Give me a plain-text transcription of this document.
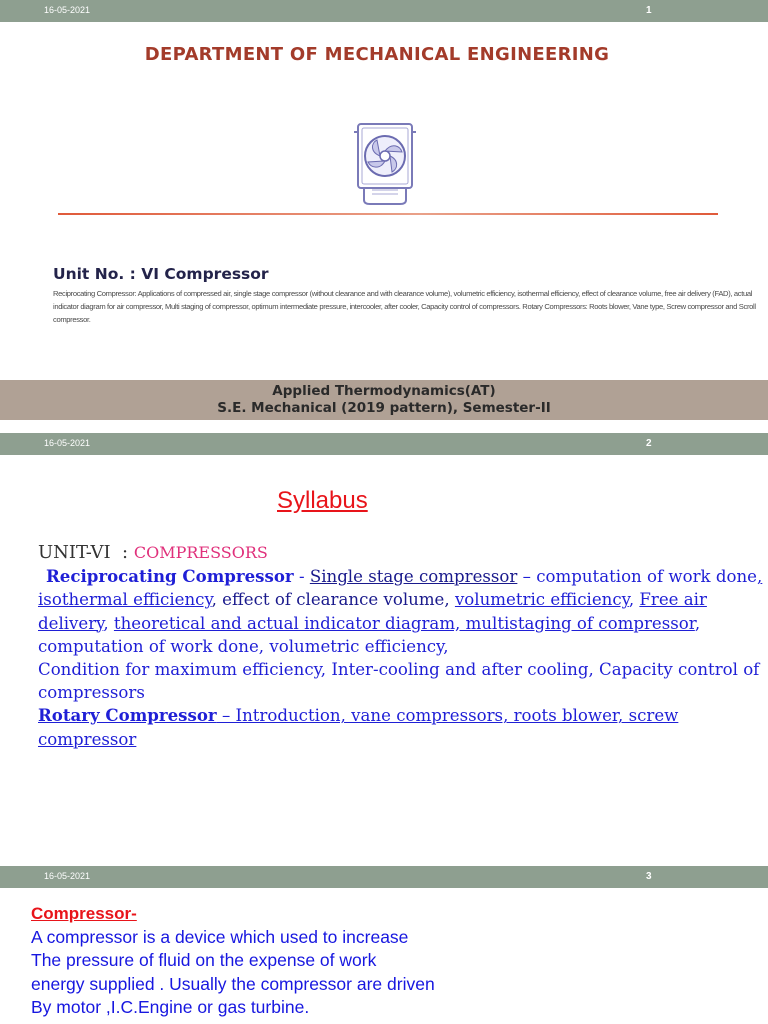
16-05-2021	1
DEPARTMENT OF MECHANICAL ENGINEERING
Unit No. : VI Compressor
Reciprocating Compressor: Applications of compressed air, single stage compressor (without clearance and with clearance volume), volumetric efficiency, isothermal efficiency, effect of clearance volume, free air delivery (FAD), actual indicator diagram for air compressor, Multi staging of compressor, optimum intermediate pressure, intercooler, after cooler, Capacity control of compressors. Rotary Compressors: Roots blower, Vane type, Screw compressor and Scroll compressor.
Applied Thermodynamics(AT)
S.E. Mechanical (2019 pattern), Semester-II
16-05-2021	2
Syllabus
UNIT-VI  : COMPRESSORS
Reciprocating Compressor - Single stage compressor – computation of work done, isothermal efficiency, effect of clearance volume, volumetric efficiency, Free air delivery, theoretical and actual indicator diagram, multistaging of compressor, computation of work done, volumetric efficiency,
Condition for maximum efficiency, Inter-cooling and after cooling, Capacity control of compressors
Rotary Compressor – Introduction, vane compressors, roots blower, screw compressor
16-05-2021	3
Compressor-
A compressor is a device which used to increase
The pressure of fluid on the expense of work
energy supplied . Usually the compressor are driven
By motor ,I.C.Engine or gas turbine.
